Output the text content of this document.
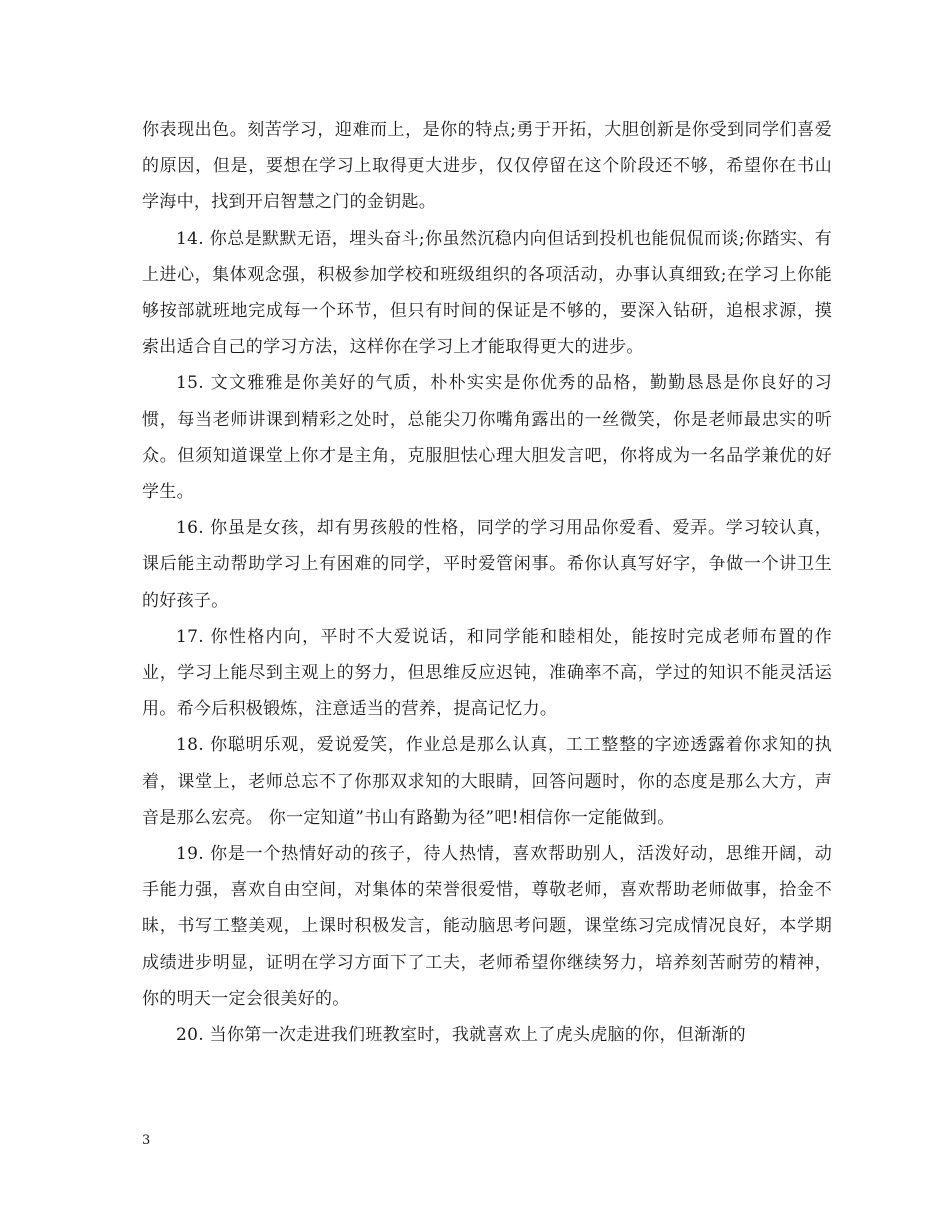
你表现出色。刻苦学习，迎难而上，是你的特点;勇于开拓，大胆创新是你受到同学们喜爱的原因，但是，要想在学习上取得更大进步，仅仅停留在这个阶段还不够，希望你在书山学海中，找到开启智慧之门的金钥匙。

14. 你总是默默无语，埋头奋斗;你虽然沉稳内向但话到投机也能侃侃而谈;你踏实、有上进心，集体观念强，积极参加学校和班级组织的各项活动，办事认真细致;在学习上你能够按部就班地完成每一个环节，但只有时间的保证是不够的，要深入钻研，追根求源，摸索出适合自己的学习方法，这样你在学习上才能取得更大的进步。

15. 文文雅雅是你美好的气质，朴朴实实是你优秀的品格，勤勤恳恳是你良好的习惯，每当老师讲课到精彩之处时，总能尖刀你嘴角露出的一丝微笑，你是老师最忠实的听众。但须知道课堂上你才是主角，克服胆怯心理大胆发言吧，你将成为一名品学兼优的好学生。

16. 你虽是女孩，却有男孩般的性格，同学的学习用品你爱看、爱弄。学习较认真，课后能主动帮助学习上有困难的同学，平时爱管闲事。希你认真写好字，争做一个讲卫生的好孩子。

17. 你性格内向，平时不大爱说话，和同学能和睦相处，能按时完成老师布置的作业，学习上能尽到主观上的努力，但思维反应迟钝，准确率不高，学过的知识不能灵活运用。希今后积极锻炼，注意适当的营养，提高记忆力。

18. 你聪明乐观，爱说爱笑，作业总是那么认真，工工整整的字迹透露着你求知的执着，课堂上，老师总忘不了你那双求知的大眼睛，回答问题时，你的态度是那么大方，声音是那么宏亮。 你一定知道”书山有路勤为径”吧!相信你一定能做到。

19. 你是一个热情好动的孩子，待人热情，喜欢帮助别人，活泼好动，思维开阔，动手能力强，喜欢自由空间，对集体的荣誉很爱惜，尊敬老师，喜欢帮助老师做事，拾金不昧，书写工整美观，上课时积极发言，能动脑思考问题，课堂练习完成情况良好，本学期成绩进步明显，证明在学习方面下了工夫，老师希望你继续努力，培养刻苦耐劳的精神，你的明天一定会很美好的。

20. 当你第一次走进我们班教室时，我就喜欢上了虎头虎脑的你，但渐渐的

3
